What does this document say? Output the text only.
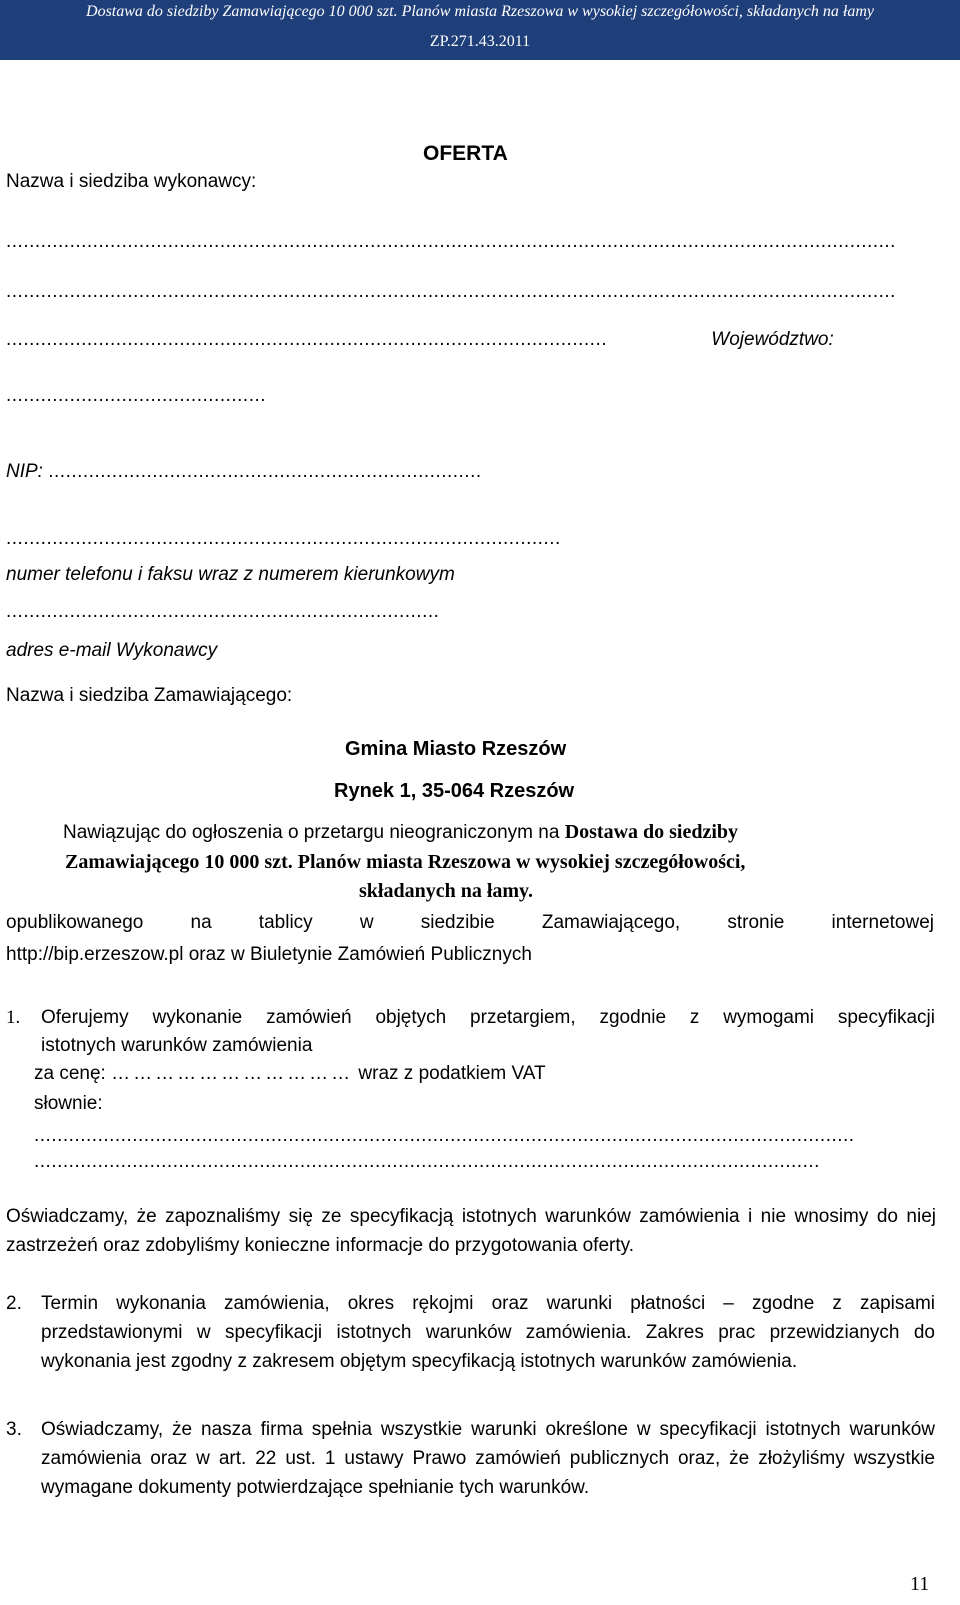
Dostawa do siedziby Zamawiającego 10 000 szt. Planów miasta Rzeszowa w wysokiej szczegółowości, składanych na łamy
ZP.271.43.2011
OFERTA
Nazwa i siedziba wykonawcy:
..........................................................................................................................................................
..........................................................................................................................................................
........................................................................................................	Województwo:
.............................................
NIP: ...........................................................................
................................................................................................
numer telefonu i faksu wraz z numerem kierunkowym
...........................................................................
adres e-mail Wykonawcy
Nazwa i siedziba Zamawiającego:
Gmina Miasto Rzeszów
Rynek 1, 35-064 Rzeszów
Nawiązując do ogłoszenia o przetargu nieograniczonym na Dostawa do siedziby
Zamawiającego 10 000 szt. Planów miasta Rzeszowa w wysokiej szczegółowości,
składanych na łamy.
opublikowanego na tablicy w siedzibie Zamawiającego, stronie internetowej
http://bip.erzeszow.pl oraz w Biuletynie Zamówień Publicznych
1. Oferujemy wykonanie zamówień objętych przetargiem, zgodnie z wymogami specyfikacji
istotnych warunków zamówienia
za cenę: …………………………… wraz z podatkiem VAT
słownie:
..............................................................................................................................................
........................................................................................................................................
Oświadczamy, że zapoznaliśmy się ze specyfikacją istotnych warunków zamówienia i nie wnosimy do niej zastrzeżeń oraz zdobyliśmy konieczne informacje do przygotowania oferty.
2. Termin wykonania zamówienia, okres rękojmi oraz warunki płatności – zgodne z zapisami przedstawionymi w specyfikacji istotnych warunków zamówienia. Zakres prac przewidzianych do wykonania jest zgodny z zakresem objętym specyfikacją istotnych warunków zamówienia.
3. Oświadczamy, że nasza firma spełnia wszystkie warunki określone w specyfikacji istotnych warunków zamówienia oraz w art. 22 ust. 1 ustawy Prawo zamówień publicznych oraz, że złożyliśmy wszystkie wymagane dokumenty potwierdzające spełnianie tych warunków.
11
